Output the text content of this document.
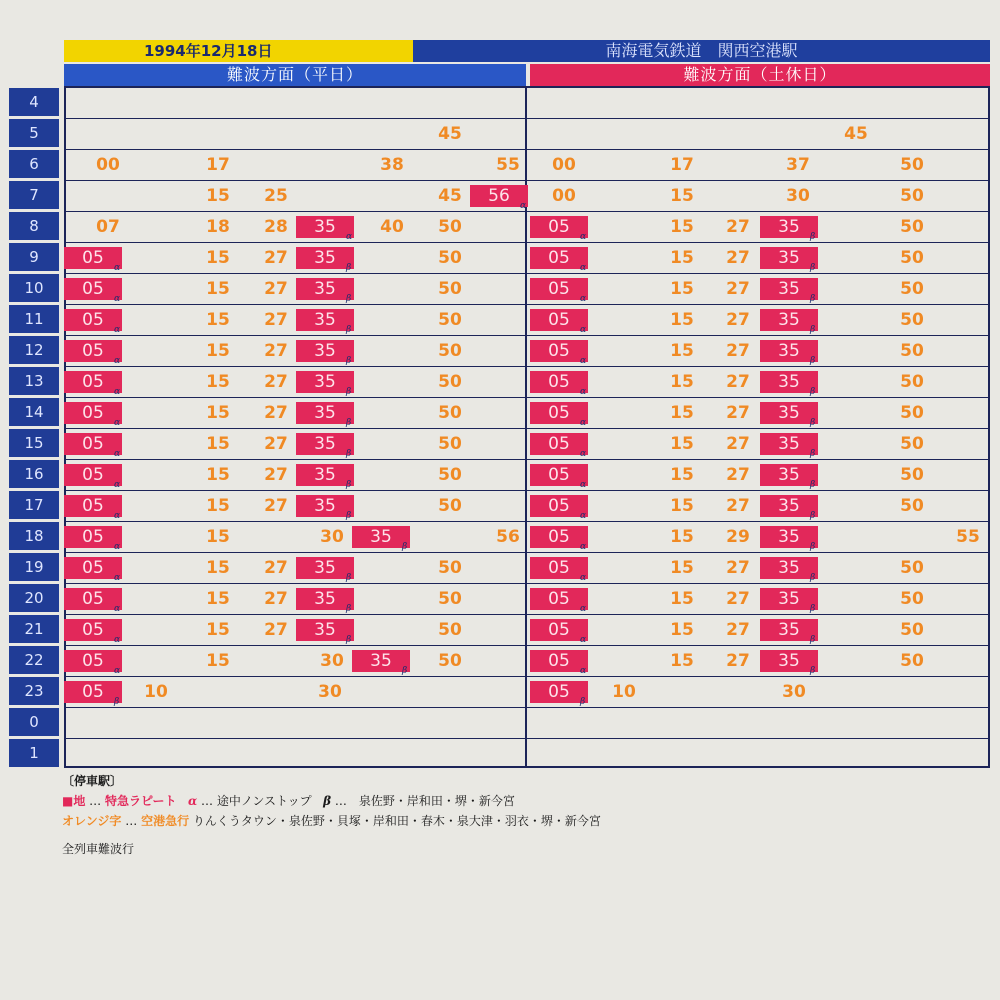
1994年12月18日	南海電気鉄道　関西空港駅
難波方面（平日）	難波方面（土休日）
4
5	45	45
6	00	17	38	55	00	17	37	50
7	15	25	45	56	α	00	15	30	50
8	07	18	28	35	α	40	50	05	α	15	27	35	β	50
9	05	α	15	27	35	β	50	05	α	15	27	35	β	50
10	05	α	15	27	35	β	50	05	α	15	27	35	β	50
11	05	α	15	27	35	β	50	05	α	15	27	35	β	50
12	05	α	15	27	35	β	50	05	α	15	27	35	β	50
13	05	α	15	27	35	β	50	05	α	15	27	35	β	50
14	05	α	15	27	35	β	50	05	α	15	27	35	β	50
15	05	α	15	27	35	β	50	05	α	15	27	35	β	50
16	05	α	15	27	35	β	50	05	α	15	27	35	β	50
17	05	α	15	27	35	β	50	05	α	15	27	35	β	50
18	05	α	15	30	35	β	56	05	α	15	29	35	β	55
19	05	α	15	27	35	β	50	05	α	15	27	35	β	50
20	05	α	15	27	35	β	50	05	α	15	27	35	β	50
21	05	α	15	27	35	β	50	05	α	15	27	35	β	50
22	05	α	15	30	35	β	50	05	α	15	27	35	β	50
23	05	β	10	30	05	β	10	30
0
1
〔停車駅〕
■地 … 特急ラピート α … 途中ノンストップ β …　泉佐野・岸和田・堺・新今宮
オレンジ字 … 空港急行 りんくうタウン・泉佐野・貝塚・岸和田・春木・泉大津・羽衣・堺・新今宮
全列車難波行
